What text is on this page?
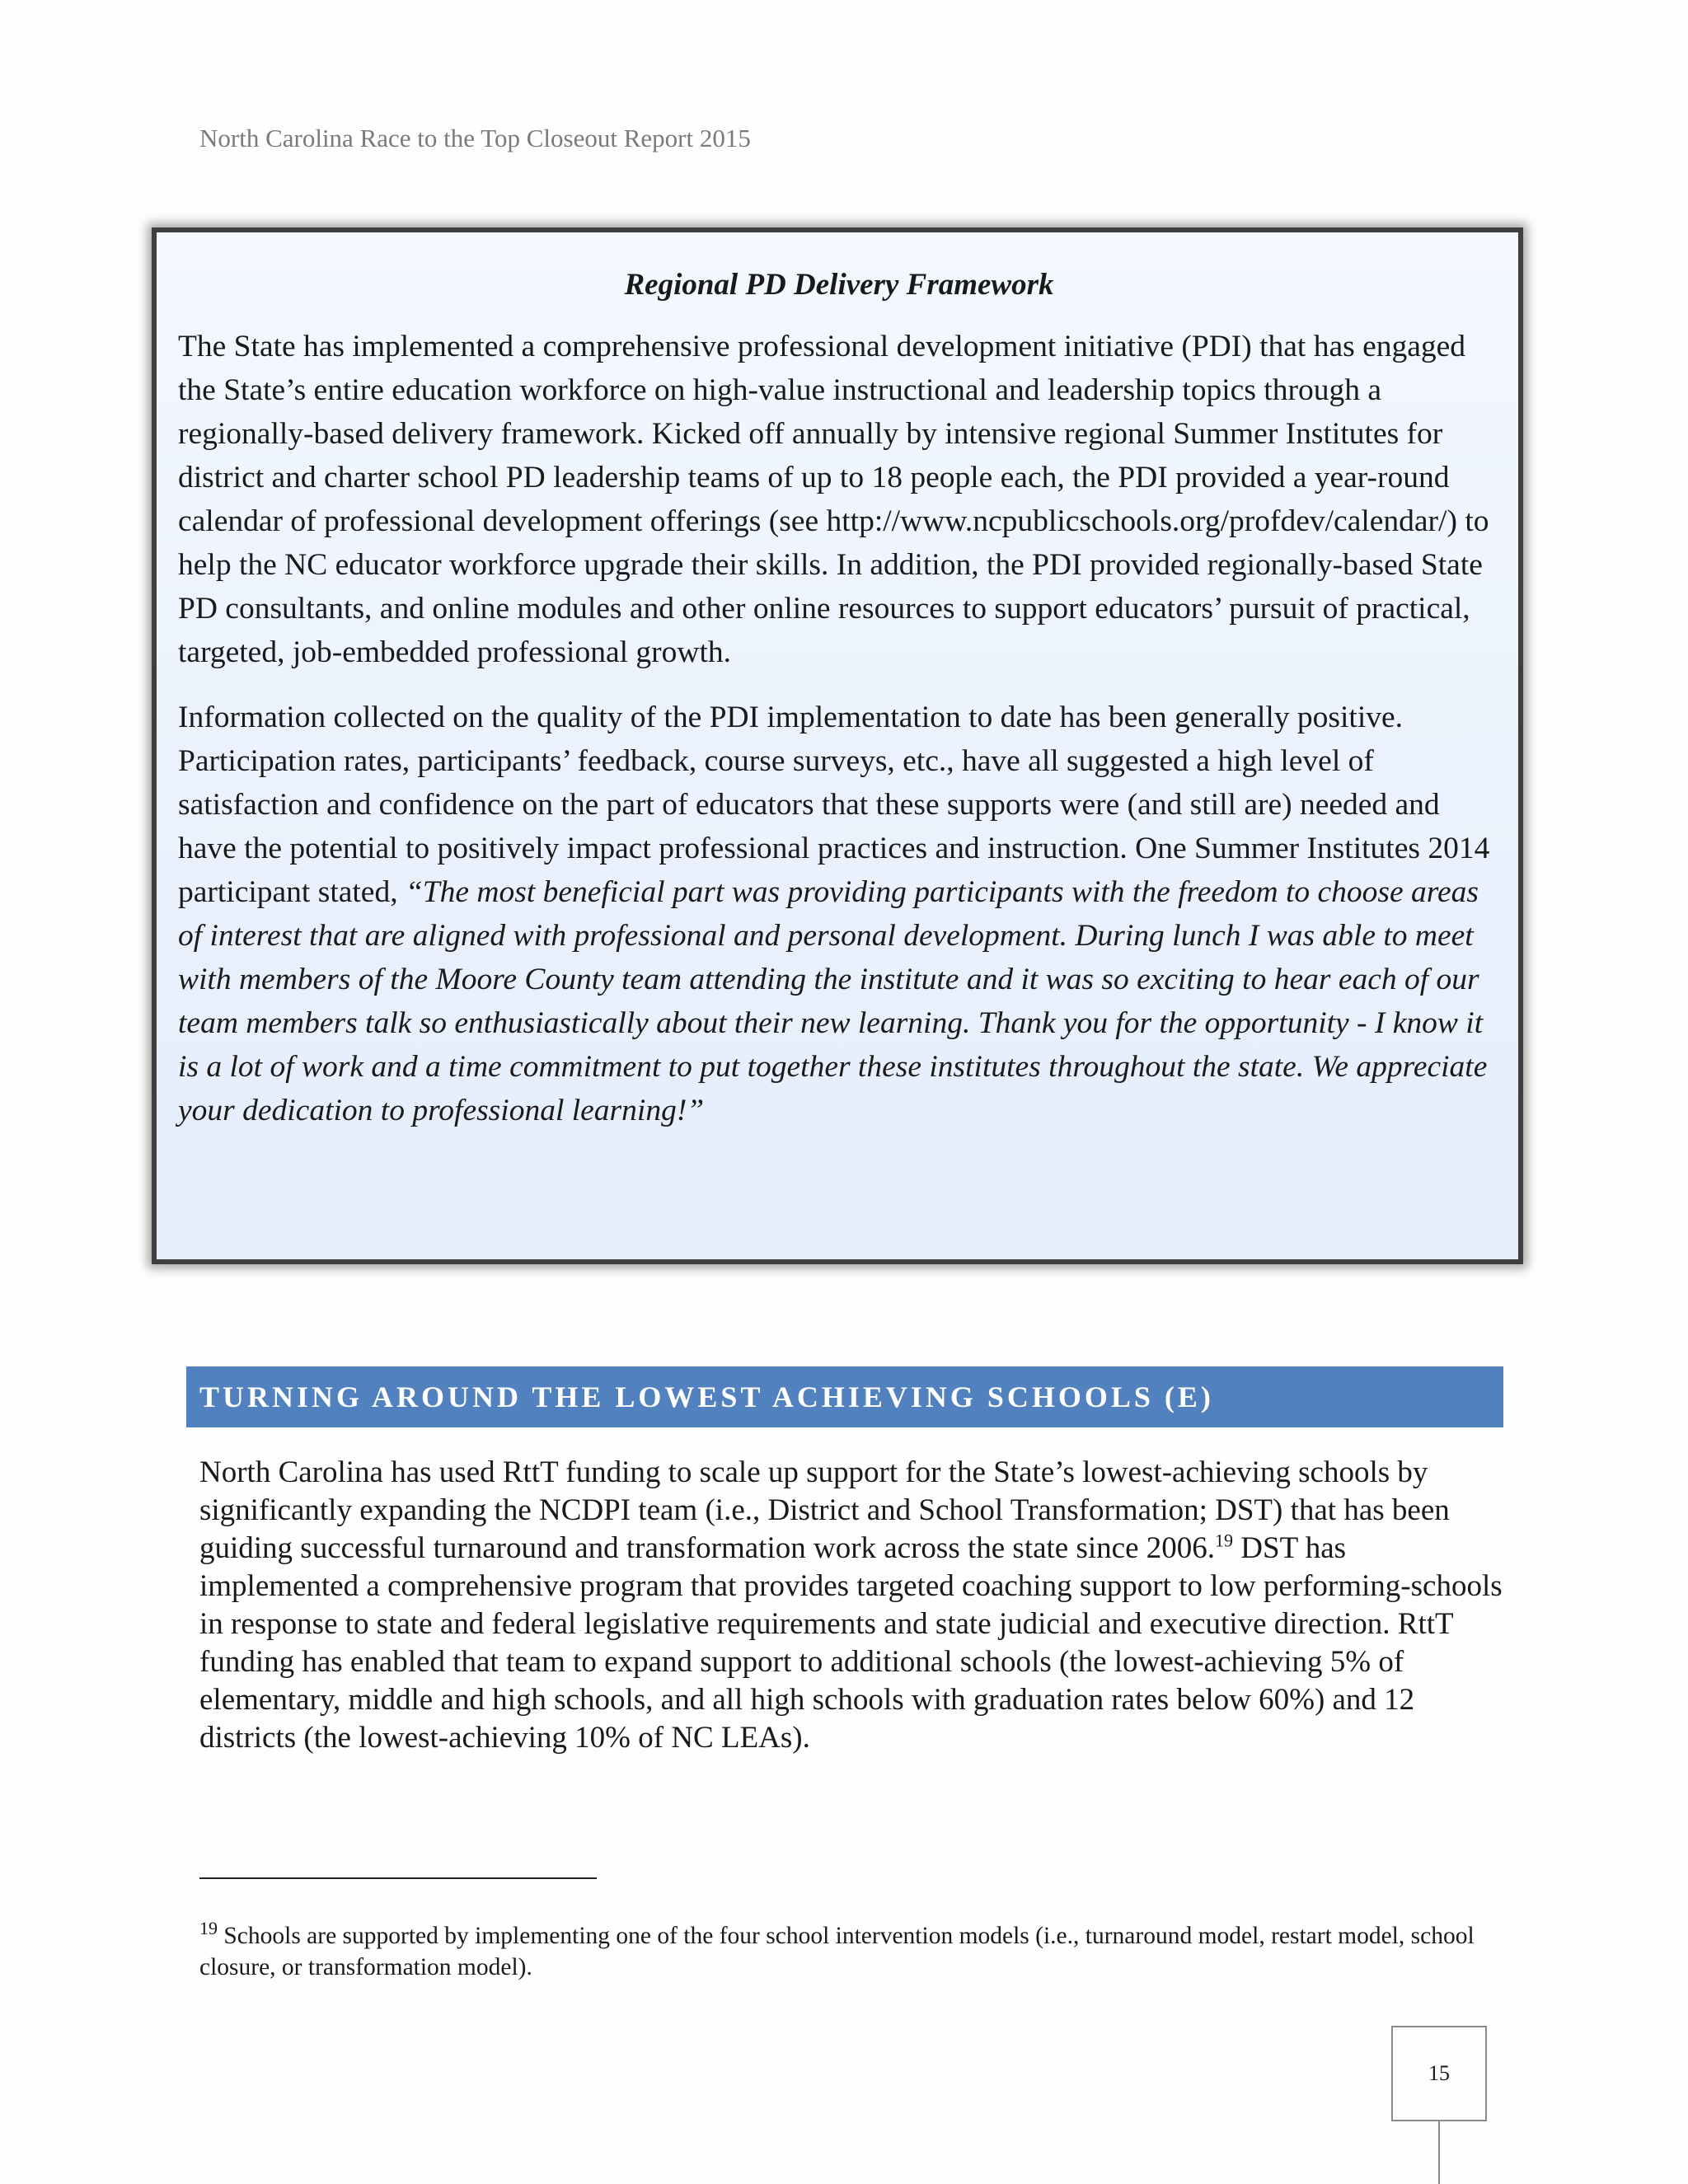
North Carolina Race to the Top Closeout Report 2015
Regional PD Delivery Framework

The State has implemented a comprehensive professional development initiative (PDI) that has engaged the State’s entire education workforce on high-value instructional and leadership topics through a regionally-based delivery framework. Kicked off annually by intensive regional Summer Institutes for district and charter school PD leadership teams of up to 18 people each, the PDI provided a year-round calendar of professional development offerings (see http://www.ncpublicschools.org/profdev/calendar/) to help the NC educator workforce upgrade their skills. In addition, the PDI provided regionally-based State PD consultants, and online modules and other online resources to support educators’ pursuit of practical, targeted, job-embedded professional growth.

Information collected on the quality of the PDI implementation to date has been generally positive. Participation rates, participants’ feedback, course surveys, etc., have all suggested a high level of satisfaction and confidence on the part of educators that these supports were (and still are) needed and have the potential to positively impact professional practices and instruction. One Summer Institutes 2014 participant stated, “The most beneficial part was providing participants with the freedom to choose areas of interest that are aligned with professional and personal development. During lunch I was able to meet with members of the Moore County team attending the institute and it was so exciting to hear each of our team members talk so enthusiastically about their new learning. Thank you for the opportunity - I know it is a lot of work and a time commitment to put together these institutes throughout the state. We appreciate your dedication to professional learning!”

TURNING AROUND THE LOWEST ACHIEVING SCHOOLS (E)

North Carolina has used RttT funding to scale up support for the State’s lowest-achieving schools by significantly expanding the NCDPI team (i.e., District and School Transformation; DST) that has been guiding successful turnaround and transformation work across the state since 2006.19 DST has implemented a comprehensive program that provides targeted coaching support to low performing-schools in response to state and federal legislative requirements and state judicial and executive direction. RttT funding has enabled that team to expand support to additional schools (the lowest-achieving 5% of elementary, middle and high schools, and all high schools with graduation rates below 60%) and 12 districts (the lowest-achieving 10% of NC LEAs).

$^{19}$ Schools are supported by implementing one of the four school intervention models (i.e., turnaround model, restart model, school closure, or transformation model).

15
